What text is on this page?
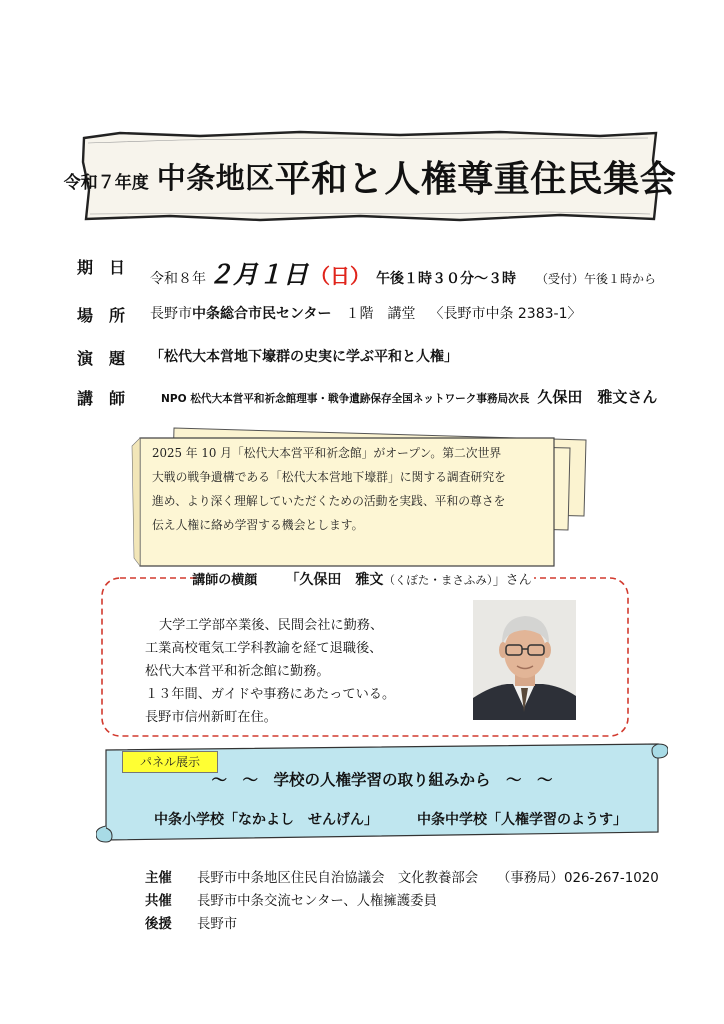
令和７年度 中条地区 平和と人権尊重住民集会
期日
令和８年 ２月１日 （日） 午後１時３０分〜３時 （受付）午後１時から
場所 長野市 中条総合市民センター １階　講堂 〈長野市中条 2383-1〉
演題 「松代大本営地下壕群の史実に学ぶ平和と人権」
講師 NPO 松代大本営平和祈念館理事・戦争遺跡保存全国ネットワーク事務局次長 久保田　雅文さん
2025 年 10 月「松代大本営平和祈念館」がオープン。第二次世界
大戦の戦争遺構である「松代大本営地下壕群」に関する調査研究を
進め、より深く理解していただくための活動を実践、平和の尊さを
伝え人権に絡め学習する機会とします。
講師の横顔 「久保田　雅文（くぼた・まさふみ）」さん
大学工学部卒業後、民間会社に勤務、
工業高校電気工学科教諭を経て退職後、
松代大本営平和祈念館に勤務。
１３年間、ガイドや事務にあたっている。
長野市信州新町在住。
パネル展示
〜　〜　学校の人権学習の取り組みから　〜　〜
中条小学校「なかよし　せんげん」	中条中学校「人権学習のようす」
主催 長野市中条地区住民自治協議会　文化教養部会 （事務局）026-267-1020
共催 長野市中条交流センター、人権擁護委員
後援 長野市
